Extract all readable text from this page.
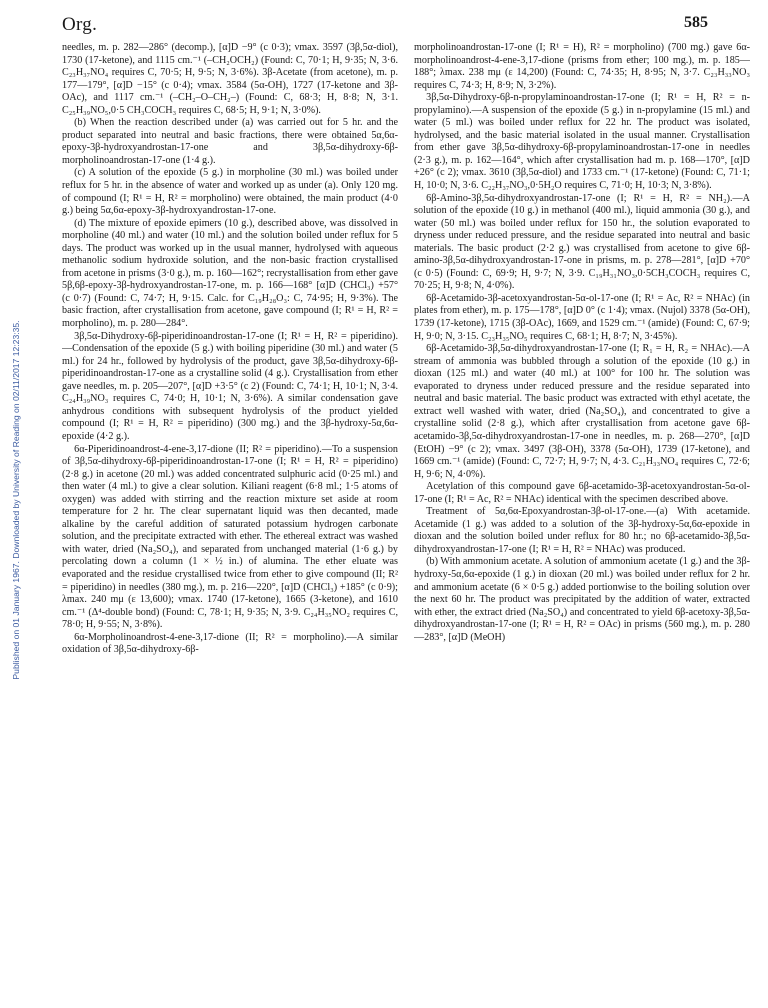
Org.	585
Published on 01 January 1967. Downloaded by University of Reading on 02/11/2017 12:23:35.

needles, m. p. 282—286° (decomp.), [α]D −9° (c 0·3); νmax. 3597 (3β,5α-diol), 1730 (17-ketone), and 1115 cm.⁻¹ (–CH₂OCH₂) (Found: C, 70·1; H, 9·35; N, 3·6. C₂₃H₃₇NO₄ requires C, 70·5; H, 9·5; N, 3·6%). 3β-Acetate (from acetone), m. p. 177—179°, [α]D −15° (c 0·4); νmax. 3584 (5α-OH), 1727 (17-ketone and 3β-OAc), and 1117 cm.⁻¹ (–CH₂–O–CH₂–) (Found: C, 68·3; H, 8·8; N, 3·1. C₂₅H₃₉NO₅,0·5 CH₃COCH₃ requires C, 68·5; H, 9·1; N, 3·0%).

(b) When the reaction described under (a) was carried out for 5 hr. and the product separated into neutral and basic fractions, there were obtained 5α,6α-epoxy-3β-hydroxyandrostan-17-one and 3β,5α-dihydroxy-6β-morpholinoandrostan-17-one (1·4 g.).

(c) A solution of the epoxide (5 g.) in morpholine (30 ml.) was boiled under reflux for 5 hr. in the absence of water and worked up as under (a). Only 120 mg. of compound (I; R¹ = H, R² = morpholino) were obtained, the main product (4·0 g.) being 5α,6α-epoxy-3β-hydroxyandrostan-17-one.

(d) The mixture of epoxide epimers (10 g.), described above, was dissolved in morpholine (40 ml.) and water (10 ml.) and the solution boiled under reflux for 5 days. The product was worked up in the usual manner, hydrolysed with aqueous methanolic sodium hydroxide solution, and the non-basic fraction crystallised from acetone in prisms (3·0 g.), m. p. 160—162°; recrystallisation from ether gave 5β,6β-epoxy-3β-hydroxyandrostan-17-one, m. p. 166—168° [α]D (CHCl₃) +57° (c 0·7) (Found: C, 74·7; H, 9·15. Calc. for C₁₉H₂₈O₃: C, 74·95; H, 9·3%). The basic fraction, after crystallisation from acetone, gave compound (I; R¹ = H, R² = morpholino), m. p. 280—284°.

3β,5α-Dihydroxy-6β-piperidinoandrostan-17-one (I; R¹ = H, R² = piperidino).—Condensation of the epoxide (5 g.) with boiling piperidine (30 ml.) and water (5 ml.) for 24 hr., followed by hydrolysis of the product, gave 3β,5α-dihydroxy-6β-piperidinoandrostan-17-one as a crystalline solid (4 g.). Crystallisation from ether gave needles, m. p. 205—207°, [α]D +3·5° (c 2) (Found: C, 74·1; H, 10·1; N, 3·4. C₂₄H₃₉NO₃ requires C, 74·0; H, 10·1; N, 3·6%). A similar condensation gave anhydrous conditions with subsequent hydrolysis of the product yielded compound (I; R¹ = H, R² = piperidino) (300 mg.) and the 3β-hydroxy-5α,6α-epoxide (4·2 g.).

6α-Piperidinoandrost-4-ene-3,17-dione (II; R² = piperidino).—To a suspension of 3β,5α-dihydroxy-6β-piperidinoandrostan-17-one (I; R¹ = H, R² = piperidino) (2·8 g.) in acetone (20 ml.) was added concentrated sulphuric acid (0·25 ml.) and then water (4 ml.) to give a clear solution. Kiliani reagent (6·8 ml.; 1·5 atoms of oxygen) was added with stirring and the reaction mixture set aside at room temperature for 2 hr. The clear supernatant liquid was then decanted, made alkaline by the careful addition of saturated potassium hydrogen carbonate solution, and the precipitate extracted with ether. The ethereal extract was washed with water, dried (Na₂SO₄), and separated from unchanged material (1·6 g.) by percolating down a column (1 × ½ in.) of alumina. The ether eluate was evaporated and the residue crystallised twice from ether to give compound (II; R² = piperidino) in needles (380 mg.), m. p. 216—220°, [α]D (CHCl₃) +185° (c 0·9); λmax. 240 mμ (ε 13,600); νmax. 1740 (17-ketone), 1665 (3-ketone), and 1610 cm.⁻¹ (Δ⁴-double bond) (Found: C, 78·1; H, 9·35; N, 3·9. C₂₄H₃₅NO₂ requires C, 78·0; H, 9·55; N, 3·8%).

6α-Morpholinoandrost-4-ene-3,17-dione (II; R² = morpholino).—A similar oxidation of 3β,5α-dihydroxy-6β-

morpholinoandrostan-17-one (I; R¹ = H), R² = morpholino) (700 mg.) gave 6α-morpholinoandrost-4-ene-3,17-dione (prisms from ether; 100 mg.), m. p. 185—188°; λmax. 238 mμ (ε 14,200) (Found: C, 74·35; H, 8·95; N, 3·7. C₂₃H₃₃NO₃ requires C, 74·3; H, 8·9; N, 3·2%).

3β,5α-Dihydroxy-6β-n-propylaminoandrostan-17-one (I; R¹ = H, R² = n-propylamino).—A suspension of the epoxide (5 g.) in n-propylamine (15 ml.) and water (5 ml.) was boiled under reflux for 22 hr. The product was isolated, hydrolysed, and the basic material isolated in the usual manner. Crystallisation from ether gave 3β,5α-dihydroxy-6β-propylaminoandrostan-17-one in needles (2·3 g.), m. p. 162—164°, which after crystallisation had m. p. 168—170°, [α]D +26° (c 2); νmax. 3610 (3β,5α-diol) and 1733 cm.⁻¹ (17-ketone) (Found: C, 71·1; H, 10·0; N, 3·6. C₂₂H₃₇NO₃,0·5H₂O requires C, 71·0; H, 10·3; N, 3·8%).

6β-Amino-3β,5α-dihydroxyandrostan-17-one (I; R¹ = H, R² = NH₂).—A solution of the epoxide (10 g.) in methanol (400 ml.), liquid ammonia (30 g.), and water (50 ml.) was boiled under reflux for 150 hr., the solution evaporated to dryness under reduced pressure, and the residue separated into neutral and basic materials. The basic product (2·2 g.) was crystallised from acetone to give 6β-amino-3β,5α-dihydroxyandrostan-17-one in prisms, m. p. 278—281°, [α]D +70° (c 0·5) (Found: C, 69·9; H, 9·7; N, 3·9. C₁₉H₃₁NO₃,0·5CH₃COCH₃ requires C, 70·25; H, 9·8; N, 4·0%).

6β-Acetamido-3β-acetoxyandrostan-5α-ol-17-one (I; R¹ = Ac, R² = NHAc) (in plates from ether), m. p. 175—178°, [α]D 0° (c 1·4); νmax. (Nujol) 3378 (5α-OH), 1739 (17-ketone), 1715 (3β-OAc), 1669, and 1529 cm.⁻¹ (amide) (Found: C, 67·9; H, 9·0; N, 3·15. C₂₃H₃₅NO₅ requires C, 68·1; H, 8·7; N, 3·45%).

6β-Acetamido-3β,5α-dihydroxyandrostan-17-one (I; R₁ = H, R₂ = NHAc).—A stream of ammonia was bubbled through a solution of the epoxide (10 g.) in dioxan (125 ml.) and water (40 ml.) at 100° for 100 hr. The solution was evaporated to dryness under reduced pressure and the residue separated into neutral and basic material. The basic product was extracted with ethyl acetate, the extract well washed with water, dried (Na₂SO₄), and concentrated to give a crystalline solid (2·8 g.), which after crystallisation from acetone gave 6β-acetamido-3β,5α-dihydroxyandrostan-17-one in needles, m. p. 268—270°, [α]D (EtOH) −9° (c 2); νmax. 3497 (3β-OH), 3378 (5α-OH), 1739 (17-ketone), and 1669 cm.⁻¹ (amide) (Found: C, 72·7; H, 9·7; N, 4·3. C₂₁H₃₃NO₄ requires C, 72·6; H, 9·6; N, 4·0%).

Acetylation of this compound gave 6β-acetamido-3β-acetoxyandrostan-5α-ol-17-one (I; R¹ = Ac, R² = NHAc) identical with the specimen described above.

Treatment of 5α,6α-Epoxyandrostan-3β-ol-17-one.—(a) With acetamide. Acetamide (1 g.) was added to a solution of the 3β-hydroxy-5α,6α-epoxide in dioxan and the solution boiled under reflux for 80 hr.; no 6β-acetamido-3β,5α-dihydroxyandrostan-17-one (I; R¹ = H, R² = NHAc) was produced.

(b) With ammonium acetate. A solution of ammonium acetate (1 g.) and the 3β-hydroxy-5α,6α-epoxide (1 g.) in dioxan (20 ml.) was boiled under reflux for 2 hr. and ammonium acetate (6 × 0·5 g.) added portionwise to the boiling solution over the next 60 hr. The product was precipitated by the addition of water, extracted with ether, the extract dried (Na₂SO₄) and concentrated to yield 6β-acetoxy-3β,5α-dihydroxyandrostan-17-one (I; R¹ = H, R² = OAc) in prisms (560 mg.), m. p. 280—283°, [α]D (MeOH)
